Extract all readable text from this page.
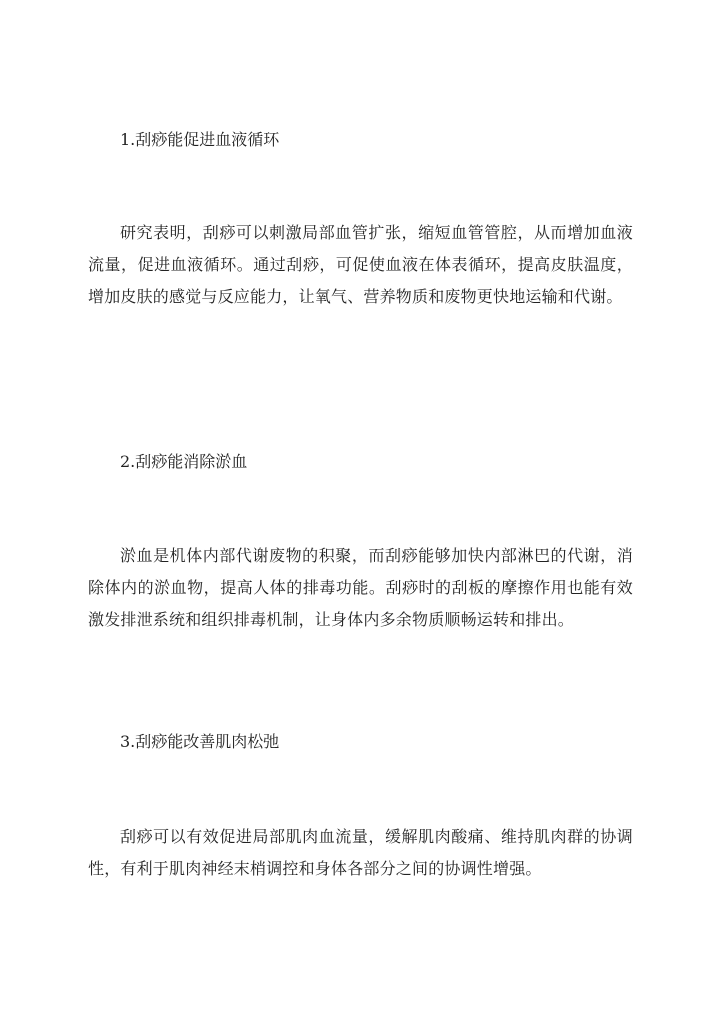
1.刮痧能促进血液循环
研究表明，刮痧可以刺激局部血管扩张，缩短血管管腔，从而增加血液流量，促进血液循环。通过刮痧，可促使血液在体表循环，提高皮肤温度，增加皮肤的感觉与反应能力，让氧气、营养物质和废物更快地运输和代谢。
2.刮痧能消除淤血
淤血是机体内部代谢废物的积聚，而刮痧能够加快内部淋巴的代谢，消除体内的淤血物，提高人体的排毒功能。刮痧时的刮板的摩擦作用也能有效激发排泄系统和组织排毒机制，让身体内多余物质顺畅运转和排出。
3.刮痧能改善肌肉松弛
刮痧可以有效促进局部肌肉血流量，缓解肌肉酸痛、维持肌肉群的协调性，有利于肌肉神经末梢调控和身体各部分之间的协调性增强。
